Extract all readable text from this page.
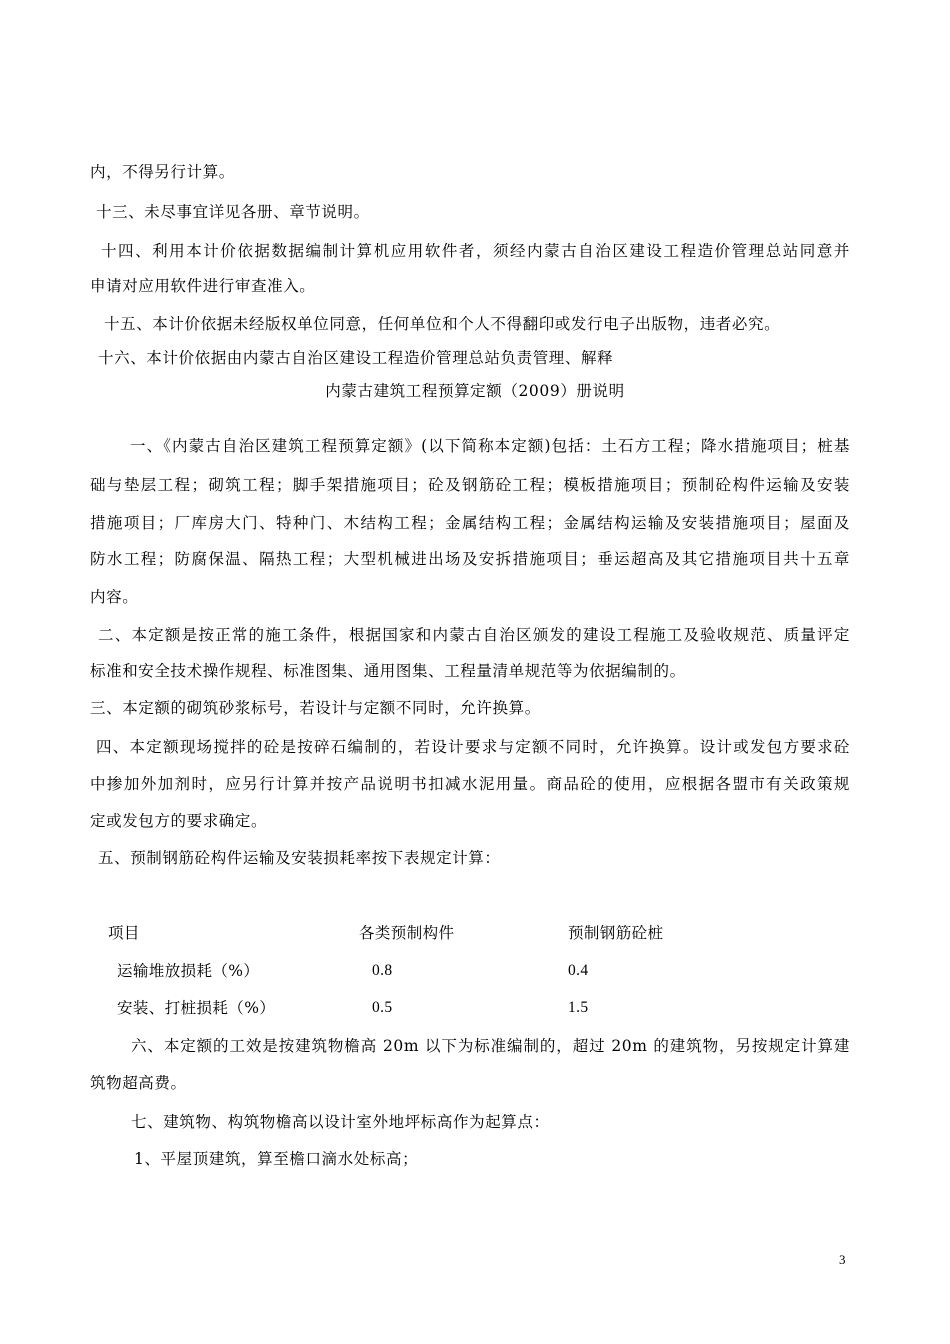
内，不得另行计算。
十三、未尽事宜详见各册、章节说明。
十四、利用本计价依据数据编制计算机应用软件者，须经内蒙古自治区建设工程造价管理总站同意并
申请对应用软件进行审查准入。
十五、本计价依据未经版权单位同意，任何单位和个人不得翻印或发行电子出版物，违者必究。
十六、本计价依据由内蒙古自治区建设工程造价管理总站负责管理、解释
内蒙古建筑工程预算定额（2009）册说明
一、《内蒙古自治区建筑工程预算定额》(以下简称本定额)包括：土石方工程；降水措施项目；桩基
础与垫层工程；砌筑工程；脚手架措施项目；砼及钢筋砼工程；模板措施项目；预制砼构件运输及安装
措施项目；厂库房大门、特种门、木结构工程；金属结构工程；金属结构运输及安装措施项目；屋面及
防水工程；防腐保温、隔热工程；大型机械进出场及安拆措施项目；垂运超高及其它措施项目共十五章
内容。
二、本定额是按正常的施工条件，根据国家和内蒙古自治区颁发的建设工程施工及验收规范、质量评定
标准和安全技术操作规程、标准图集、通用图集、工程量清单规范等为依据编制的。
三、本定额的砌筑砂浆标号，若设计与定额不同时，允许换算。
四、本定额现场搅拌的砼是按碎石编制的，若设计要求与定额不同时，允许换算。设计或发包方要求砼
中掺加外加剂时，应另行计算并按产品说明书扣减水泥用量。商品砼的使用，应根据各盟市有关政策规
定或发包方的要求确定。
五、预制钢筋砼构件运输及安装损耗率按下表规定计算：
项目	各类预制构件	预制钢筋砼桩
运输堆放损耗（%）	0.8	0.4
安装、打桩损耗（%）	0.5	1.5
六、本定额的工效是按建筑物檐高 20m 以下为标准编制的，超过 20m 的建筑物，另按规定计算建
筑物超高费。
七、建筑物、构筑物檐高以设计室外地坪标高作为起算点：
1、平屋顶建筑，算至檐口滴水处标高；
3
